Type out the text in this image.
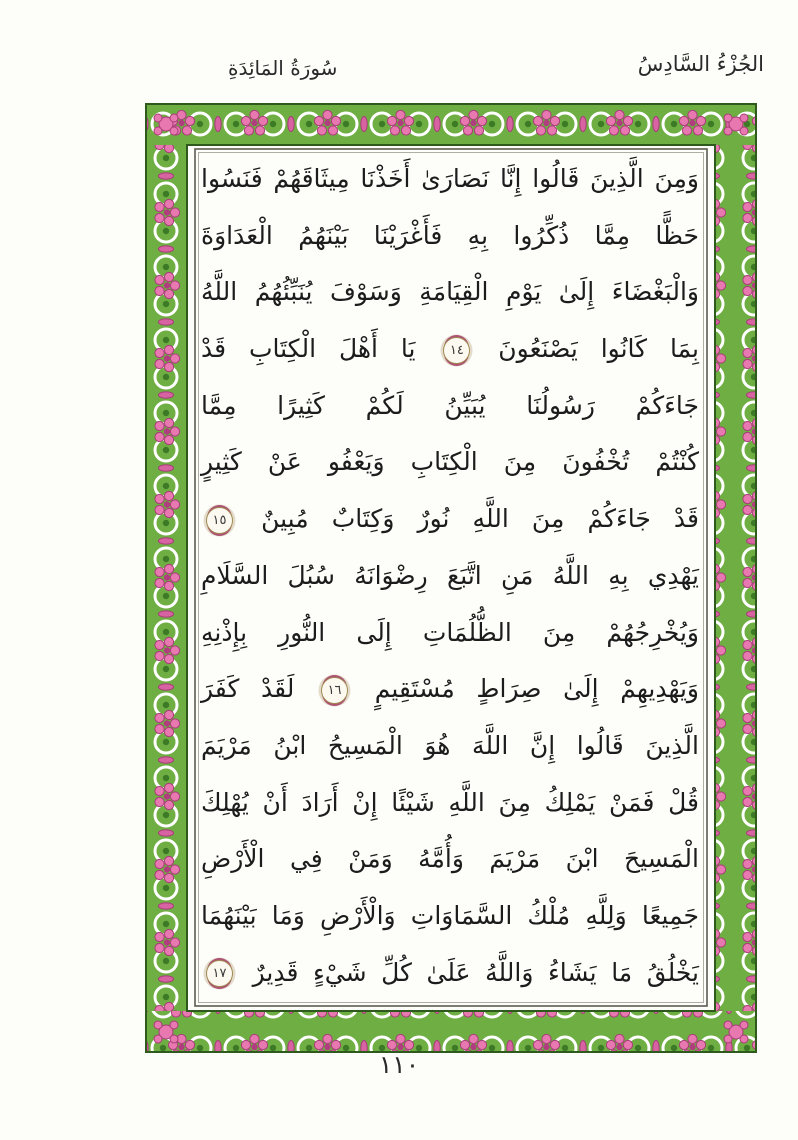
الجُزْءُ السَّادِسُ
سُورَةُ المَائِدَةِ
وَمِنَ الَّذِينَ قَالُوا إِنَّا نَصَارَىٰ أَخَذْنَا مِيثَاقَهُمْ فَنَسُوا
حَظًّا مِمَّا ذُكِّرُوا بِهِ فَأَغْرَيْنَا بَيْنَهُمُ الْعَدَاوَةَ
وَالْبَغْضَاءَ إِلَىٰ يَوْمِ الْقِيَامَةِ وَسَوْفَ يُنَبِّئُهُمُ اللَّهُ
بِمَا كَانُوا يَصْنَعُونَ ١٤ يَا أَهْلَ الْكِتَابِ قَدْ
جَاءَكُمْ رَسُولُنَا يُبَيِّنُ لَكُمْ كَثِيرًا مِمَّا
كُنْتُمْ تُخْفُونَ مِنَ الْكِتَابِ وَيَعْفُو عَنْ كَثِيرٍ
قَدْ جَاءَكُمْ مِنَ اللَّهِ نُورٌ وَكِتَابٌ مُبِينٌ ١٥
يَهْدِي بِهِ اللَّهُ مَنِ اتَّبَعَ رِضْوَانَهُ سُبُلَ السَّلَامِ
وَيُخْرِجُهُمْ مِنَ الظُّلُمَاتِ إِلَى النُّورِ بِإِذْنِهِ
وَيَهْدِيهِمْ إِلَىٰ صِرَاطٍ مُسْتَقِيمٍ ١٦ لَقَدْ كَفَرَ
الَّذِينَ قَالُوا إِنَّ اللَّهَ هُوَ الْمَسِيحُ ابْنُ مَرْيَمَ
قُلْ فَمَنْ يَمْلِكُ مِنَ اللَّهِ شَيْئًا إِنْ أَرَادَ أَنْ يُهْلِكَ
الْمَسِيحَ ابْنَ مَرْيَمَ وَأُمَّهُ وَمَنْ فِي الْأَرْضِ
جَمِيعًا وَلِلَّهِ مُلْكُ السَّمَاوَاتِ وَالْأَرْضِ وَمَا بَيْنَهُمَا
يَخْلُقُ مَا يَشَاءُ وَاللَّهُ عَلَىٰ كُلِّ شَيْءٍ قَدِيرٌ ١٧
١١٠
